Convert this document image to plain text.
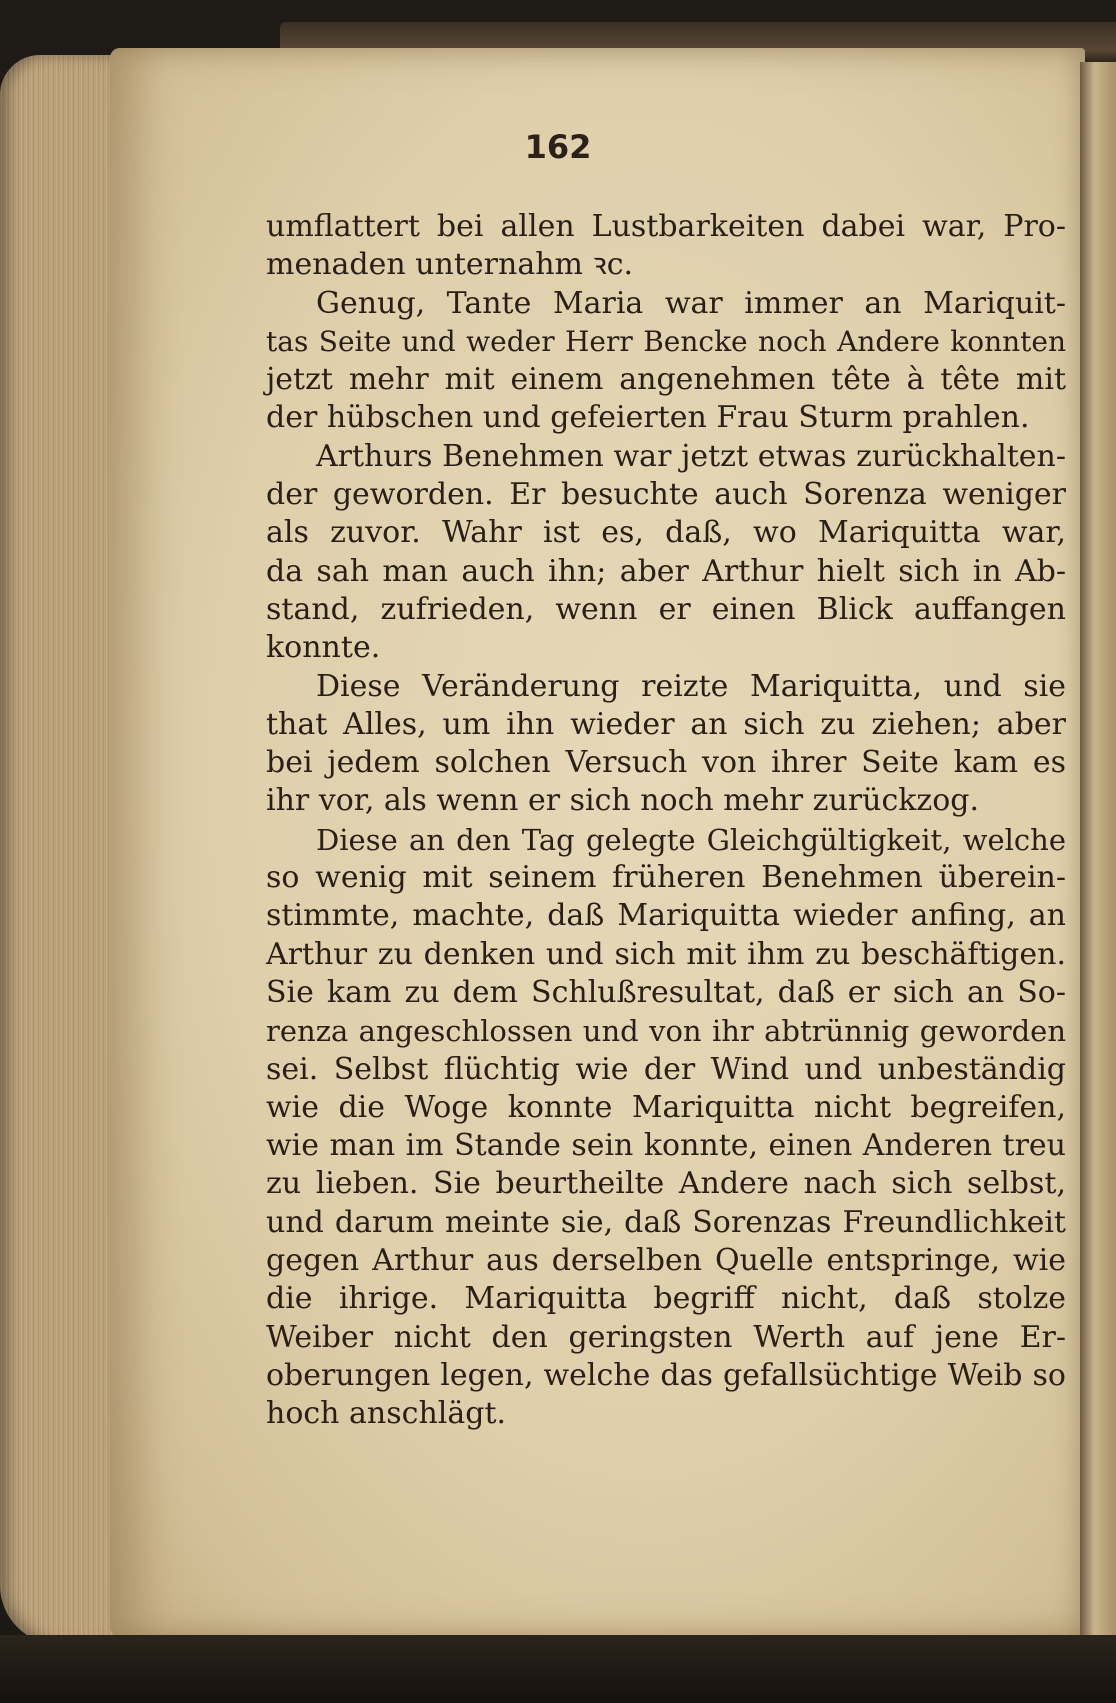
162
umflattert bei allen Lustbarkeiten dabei war, Pro-
menaden unternahm ꝛc.
Genug, Tante Maria war immer an Mariquit-
tas Seite und weder Herr Bencke noch Andere konnten
jetzt mehr mit einem angenehmen tête à tête mit
der hübschen und gefeierten Frau Sturm prahlen.
Arthurs Benehmen war jetzt etwas zurückhalten-
der geworden. Er besuchte auch Sorenza weniger
als zuvor. Wahr ist es, daß, wo Mariquitta war,
da sah man auch ihn; aber Arthur hielt sich in Ab-
stand, zufrieden, wenn er einen Blick auffangen
konnte.
Diese Veränderung reizte Mariquitta, und sie
that Alles, um ihn wieder an sich zu ziehen; aber
bei jedem solchen Versuch von ihrer Seite kam es
ihr vor, als wenn er sich noch mehr zurückzog.
Diese an den Tag gelegte Gleichgültigkeit, welche
so wenig mit seinem früheren Benehmen überein-
stimmte, machte, daß Mariquitta wieder anfing, an
Arthur zu denken und sich mit ihm zu beschäftigen.
Sie kam zu dem Schlußresultat, daß er sich an So-
renza angeschlossen und von ihr abtrünnig geworden
sei. Selbst flüchtig wie der Wind und unbeständig
wie die Woge konnte Mariquitta nicht begreifen,
wie man im Stande sein konnte, einen Anderen treu
zu lieben. Sie beurtheilte Andere nach sich selbst,
und darum meinte sie, daß Sorenzas Freundlichkeit
gegen Arthur aus derselben Quelle entspringe, wie
die ihrige. Mariquitta begriff nicht, daß stolze
Weiber nicht den geringsten Werth auf jene Er-
oberungen legen, welche das gefallsüchtige Weib so
hoch anschlägt.
